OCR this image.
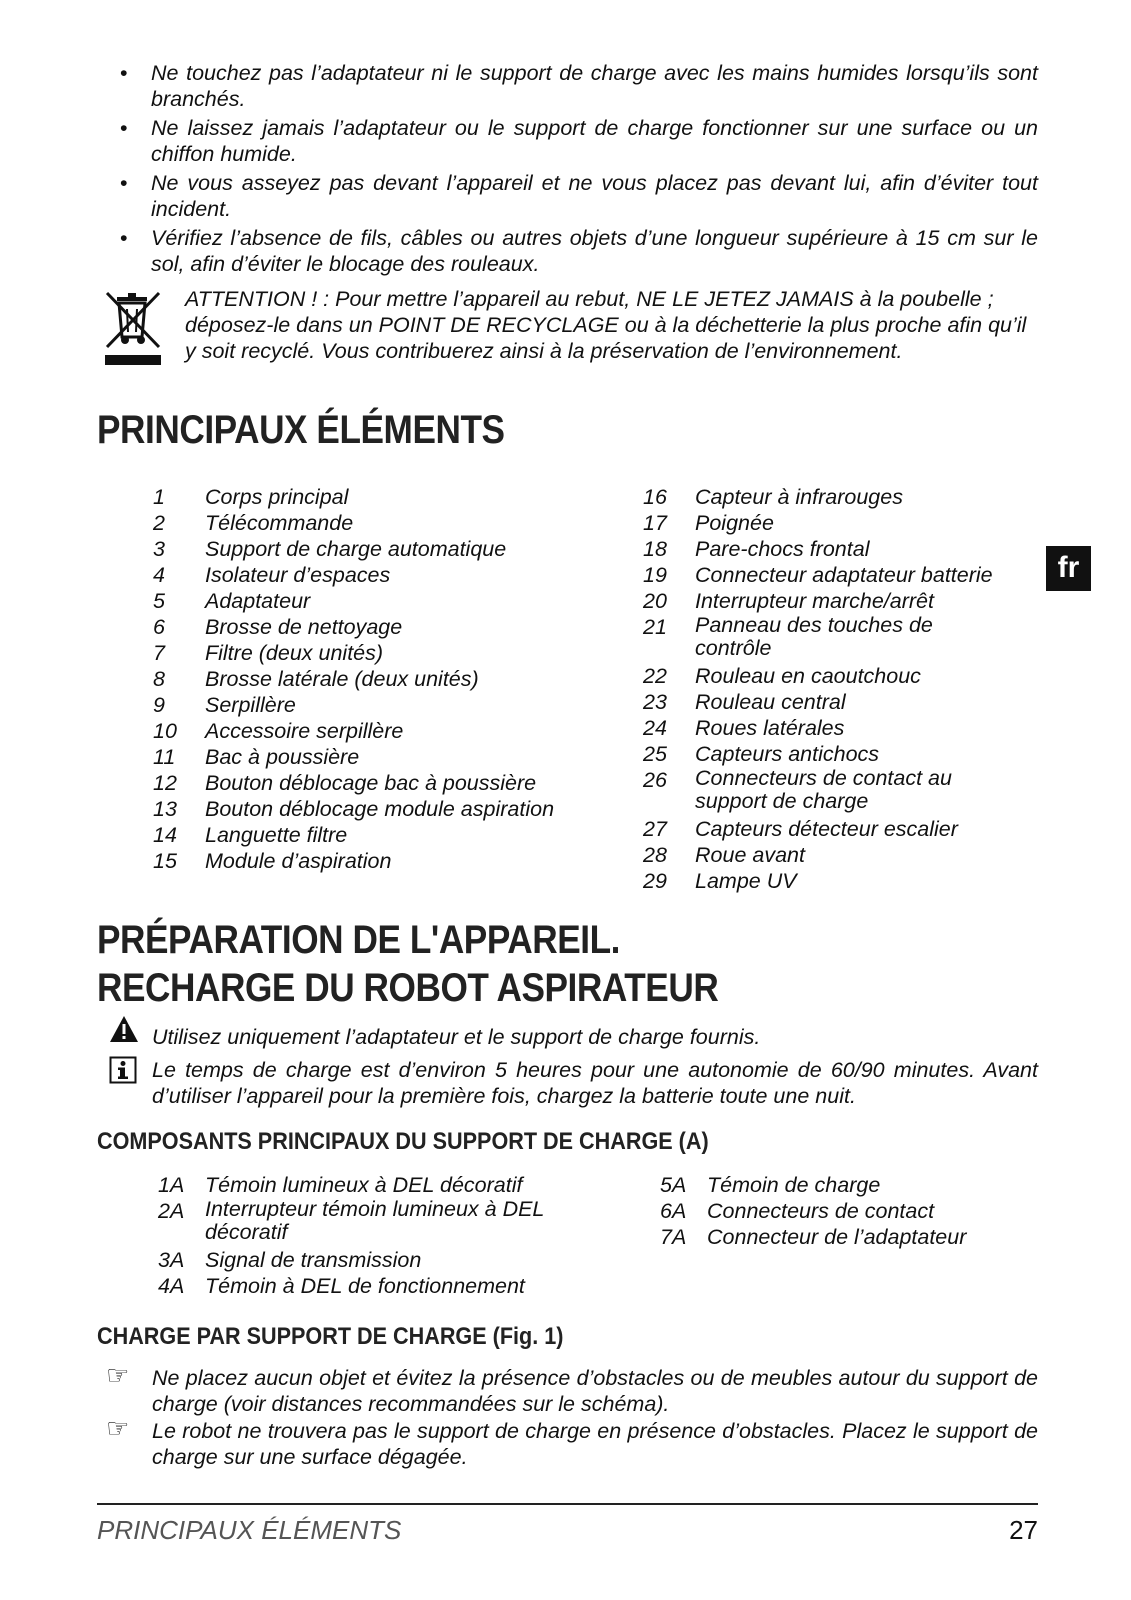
• Ne touchez pas l’adaptateur ni le support de charge avec les mains humides lorsqu’ils sont branchés.
• Ne laissez jamais l’adaptateur ou le support de charge fonctionner sur une surface ou un chiffon humide.
• Ne vous asseyez pas devant l’appareil et ne vous placez pas devant lui, afin d’éviter tout incident.
• Vérifiez l’absence de fils, câbles ou autres objets d’une longueur supérieure à 15 cm sur le sol, afin d’éviter le blocage des rouleaux.
ATTENTION ! : Pour mettre l’appareil au rebut, NE LE JETEZ JAMAIS à la poubelle ; déposez-le dans un POINT DE RECYCLAGE ou à la déchetterie la plus proche afin qu’il y soit recyclé. Vous contribuerez ainsi à la préservation de l’environnement.
PRINCIPAUX ÉLÉMENTS
1 Corps principal
2 Télécommande
3 Support de charge automatique
4 Isolateur d’espaces
5 Adaptateur
6 Brosse de nettoyage
7 Filtre (deux unités)
8 Brosse latérale (deux unités)
9 Serpillère
10 Accessoire serpillère
11 Bac à poussière
12 Bouton déblocage bac à poussière
13 Bouton déblocage module aspiration
14 Languette filtre
15 Module d’aspiration
16 Capteur à infrarouges
17 Poignée
18 Pare-chocs frontal
19 Connecteur adaptateur batterie
20 Interrupteur marche/arrêt
21 Panneau des touches de contrôle
22 Rouleau en caoutchouc
23 Rouleau central
24 Roues latérales
25 Capteurs antichocs
26 Connecteurs de contact au support de charge
27 Capteurs détecteur escalier
28 Roue avant
29 Lampe UV
fr
PRÉPARATION DE L'APPAREIL.
RECHARGE DU ROBOT ASPIRATEUR
Utilisez uniquement l’adaptateur et le support de charge fournis.
Le temps de charge est d’environ 5 heures pour une autonomie de 60/90 minutes. Avant d’utiliser l’appareil pour la première fois, chargez la batterie toute une nuit.
COMPOSANTS PRINCIPAUX DU SUPPORT DE CHARGE (A)
1A Témoin lumineux à DEL décoratif
2A Interrupteur témoin lumineux à DEL décoratif
3A Signal de transmission
4A Témoin à DEL de fonctionnement
5A Témoin de charge
6A Connecteurs de contact
7A Connecteur de l’adaptateur
CHARGE PAR SUPPORT DE CHARGE (Fig. 1)
☞ Ne placez aucun objet et évitez la présence d’obstacles ou de meubles autour du support de charge (voir distances recommandées sur le schéma).
☞ Le robot ne trouvera pas le support de charge en présence d’obstacles. Placez le support de charge sur une surface dégagée.
PRINCIPAUX ÉLÉMENTS	27
